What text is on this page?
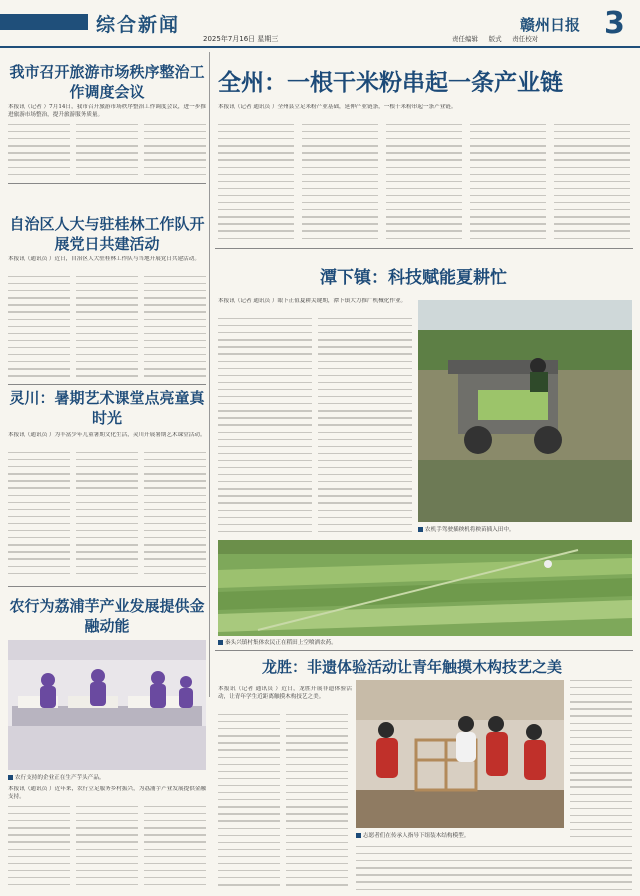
综合新闻
2025年7月16日 星期三	责任编辑 　 版式 　 责任校对
赣州日报 3
我市召开旅游市场秩序整治工作调度会议
本报讯（记者 ）7月14日，我市召开旅游市场秩序整治工作调度会议，进一步推进旅游市场整治，提升旅游服务质量。
自治区人大与驻桂林工作队开展党日共建活动
本报讯（通讯员 ）近日，自治区人大驻桂林工作队与当地开展党日共建活动。
灵川：暑期艺术课堂点亮童真时光
本报讯（通讯员 ）为丰富少年儿童暑期文化生活，灵川开展暑期艺术课堂活动。
农行为荔浦芋产业发展提供金融动能
农行支持的企业正在生产芋头产品。
本报讯（通讯员 ）近年来，农行立足服务乡村振兴，为荔浦芋产业发展提供金融支持。
全州：一根干米粉串起一条产业链
本报讯（记者 通讯员 ）全州县立足米粉产业基础，延伸产业链条，一根干米粉串起一条产业链。
潭下镇：科技赋能夏耕忙
本报讯（记者 通讯员 ）眼下正值夏耕关键期，潭下镇大力推广机械化作业。
农机手驾驶插秧机将秧苗插入田中。
秦头兴镇村集体农民正在稻田上空喷洒农药。
龙胜：非遗体验活动让青年触摸木构技艺之美
本报讯（记者 通讯员 ）近日，龙胜开展非遗体验活动，让青年学生近距离触摸木构技艺之美。
志愿者们在传承人指导下组装木结构模型。
